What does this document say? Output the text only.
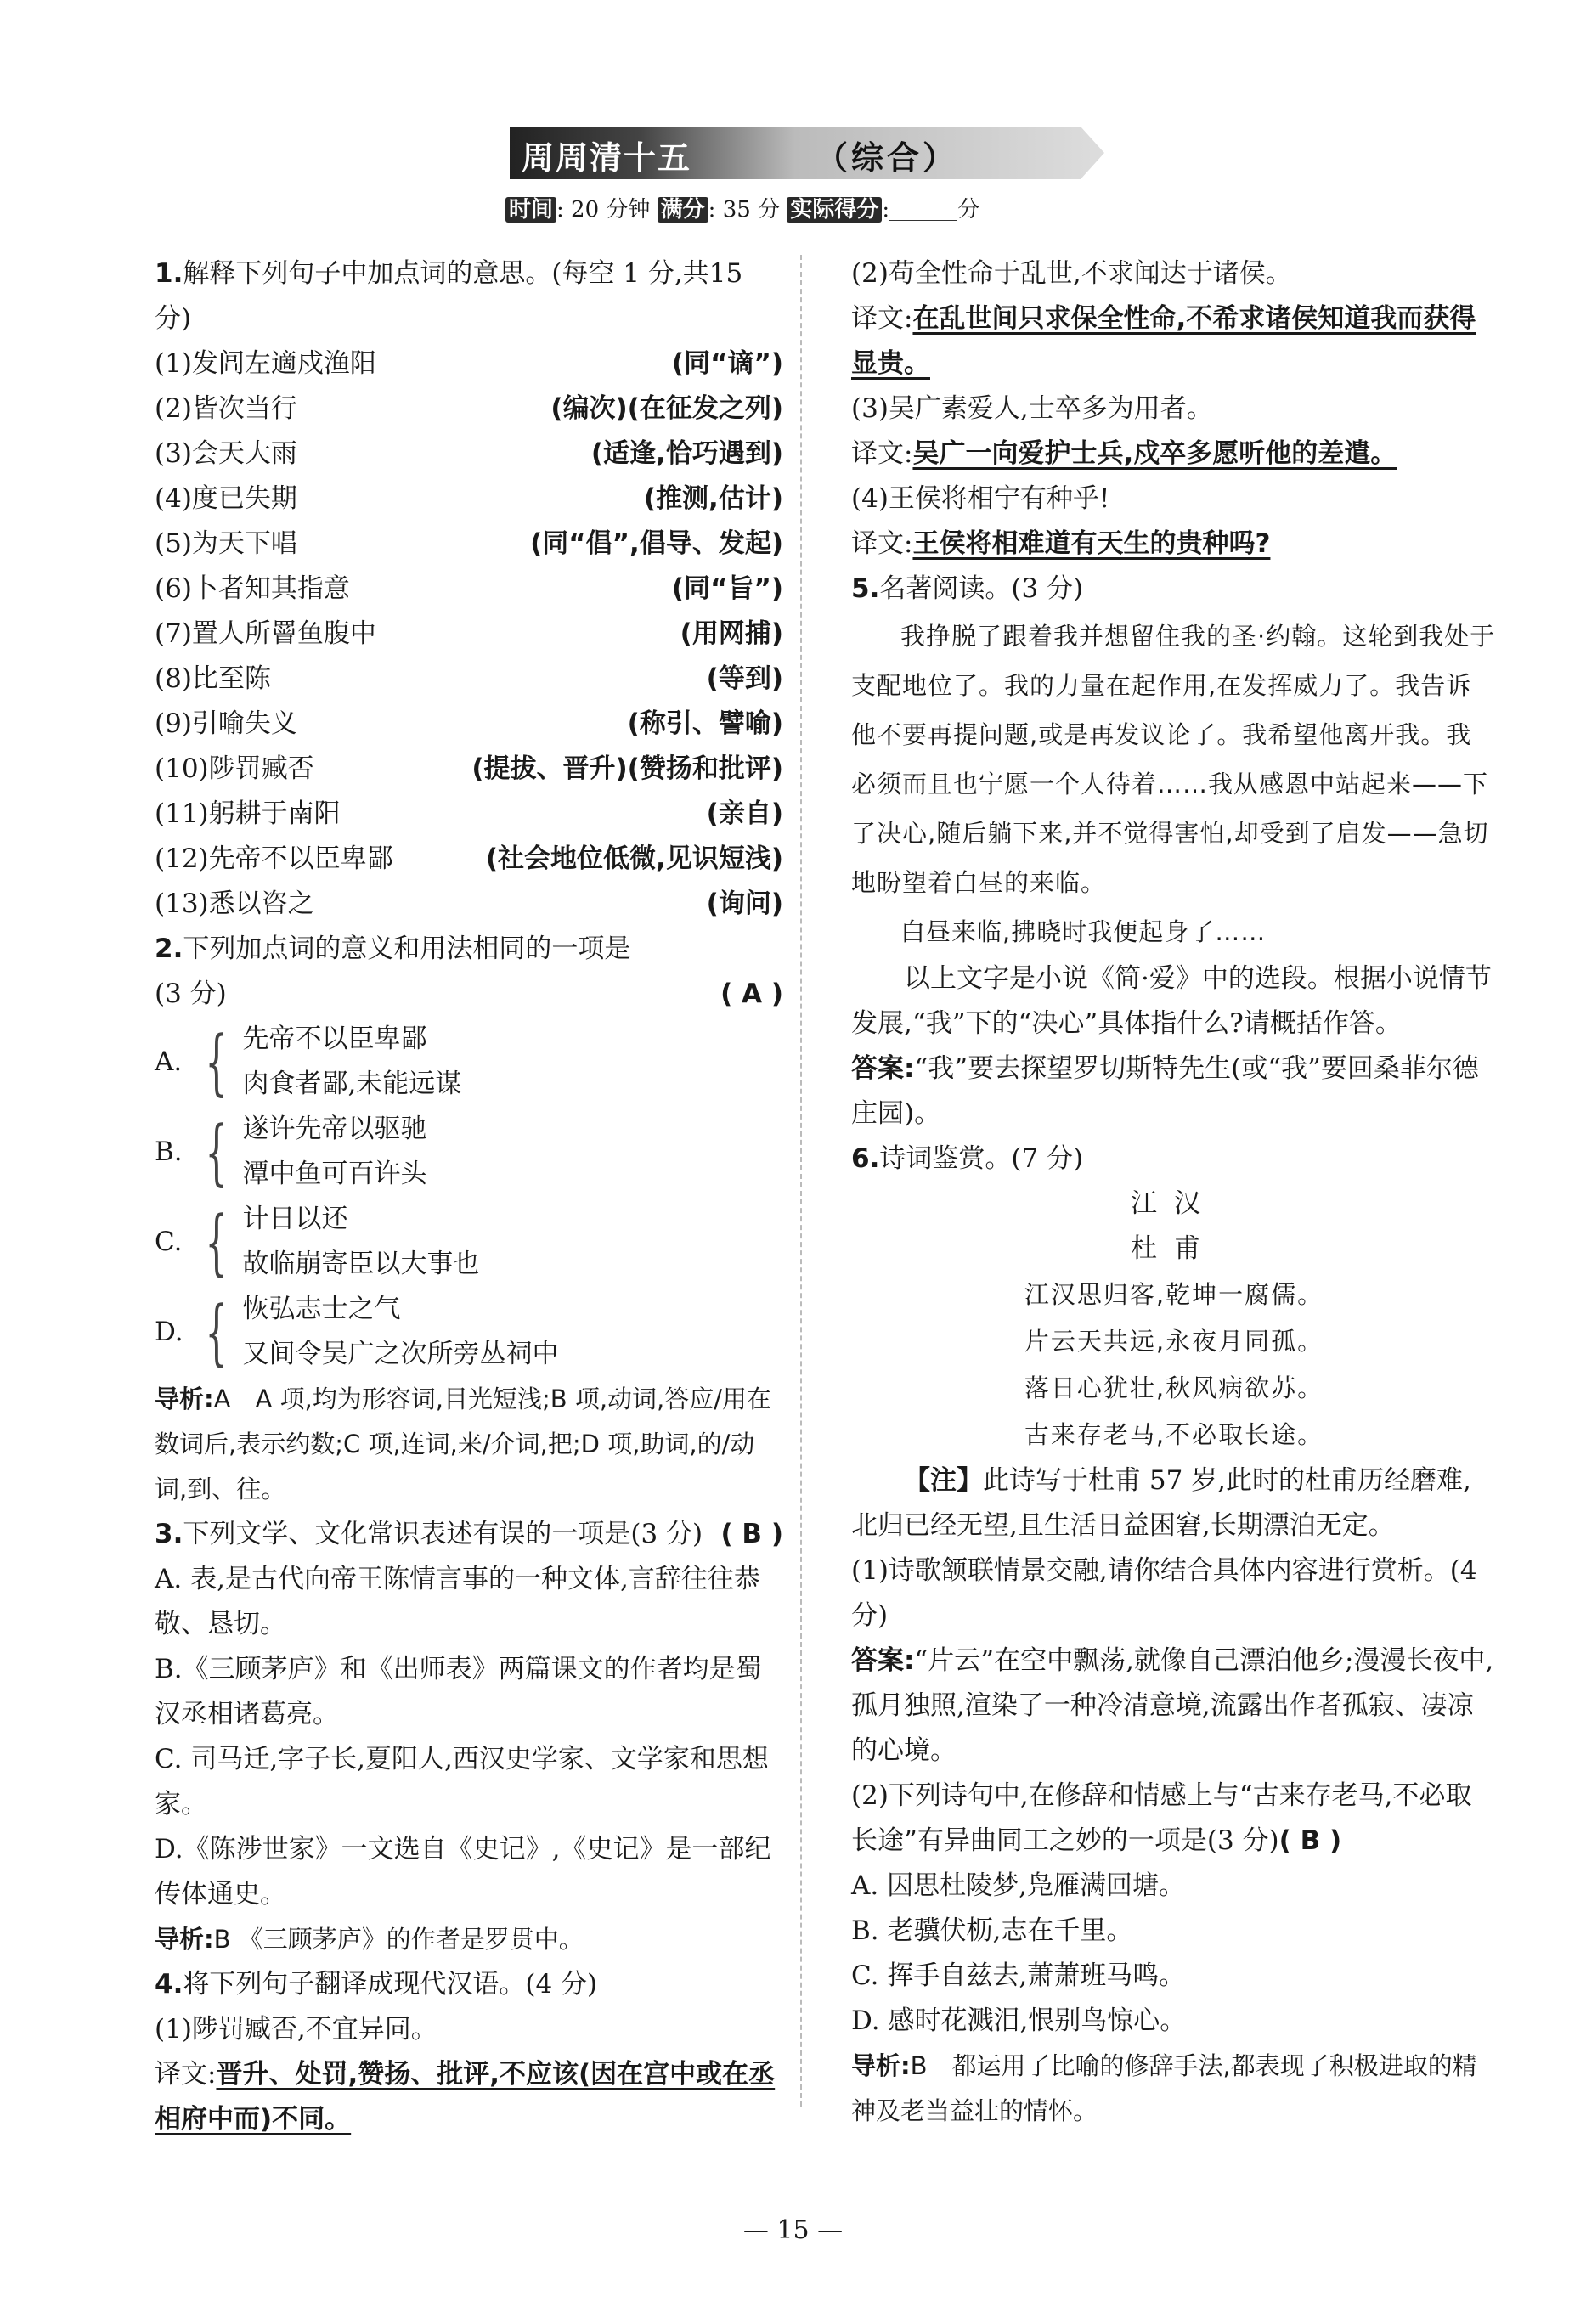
周周清十五	（综合）
时间 : 20 分钟 满分 : 35 分 实际得分 :	分

1.解释下列句子中加点词的意思。(每空 1 分,共15 分)

(1)发闾左適戍渔阳	(同“谪”)
(2)皆次当行	(编次)(在征发之列)
(3)会天大雨	(适逢,恰巧遇到)
(4)度已失期	(推测,估计)
(5)为天下唱	(同“倡”,倡导、发起)
(6)卜者知其指意	(同“旨”)
(7)置人所罾鱼腹中	(用网捕)
(8)比至陈	(等到)
(9)引喻失义	(称引、譬喻)
(10)陟罚臧否	(提拔、晋升)(赞扬和批评)
(11)躬耕于南阳	(亲自)
(12)先帝不以臣卑鄙	(社会地位低微,见识短浅)
(13)悉以咨之	(询问)

2.下列加点词的意义和用法相同的一项是

(3 分)	( A )

A. { 先帝不以臣卑鄙
肉食者鄙,未能远谋
B. { 遂许先帝以驱驰
潭中鱼可百许头
C. { 计日以还
故临崩寄臣以大事也
D. { 恢弘志士之气
又间令吴广之次所旁丛祠中

导析:A　A 项,均为形容词,目光短浅;B 项,动词,答应/用在数词后,表示约数;C 项,连词,来/介词,把;D 项,助词,的/动词,到、往。

3.下列文学、文化常识表述有误的一项是(3 分) ( B )

A. 表,是古代向帝王陈情言事的一种文体,言辞往往恭敬、恳切。

B.《三顾茅庐》和《出师表》两篇课文的作者均是蜀汉丞相诸葛亮。

C. 司马迁,字子长,夏阳人,西汉史学家、文学家和思想家。

D.《陈涉世家》一文选自《史记》,《史记》是一部纪传体通史。

导析:B 《三顾茅庐》的作者是罗贯中。

4.将下列句子翻译成现代汉语。(4 分)

(1)陟罚臧否,不宜异同。

译文:晋升、处罚,赞扬、批评,不应该(因在宫中或在丞相府中而)不同。

(2)苟全性命于乱世,不求闻达于诸侯。

译文:在乱世间只求保全性命,不希求诸侯知道我而获得显贵。

(3)吴广素爱人,士卒多为用者。

译文:吴广一向爱护士兵,戍卒多愿听他的差遣。

(4)王侯将相宁有种乎!

译文:王侯将相难道有天生的贵种吗?

5.名著阅读。(3 分)

我挣脱了跟着我并想留住我的圣·约翰。这轮到我处于支配地位了。我的力量在起作用,在发挥威力了。我告诉他不要再提问题,或是再发议论了。我希望他离开我。我必须而且也宁愿一个人待着……我从感恩中站起来——下了决心,随后躺下来,并不觉得害怕,却受到了启发——急切地盼望着白昼的来临。

白昼来临,拂晓时我便起身了……

以上文字是小说《简·爱》中的选段。根据小说情节发展,“我”下的“决心”具体指什么?请概括作答。

答案:“我”要去探望罗切斯特先生(或“我”要回桑菲尔德庄园)。

6.诗词鉴赏。(7 分)

江汉
杜甫
江汉思归客,乾坤一腐儒。
片云天共远,永夜月同孤。
落日心犹壮,秋风病欲苏。
古来存老马,不必取长途。

【注】此诗写于杜甫 57 岁,此时的杜甫历经磨难,北归已经无望,且生活日益困窘,长期漂泊无定。

(1)诗歌颔联情景交融,请你结合具体内容进行赏析。(4 分)

答案:“片云”在空中飘荡,就像自己漂泊他乡;漫漫长夜中,孤月独照,渲染了一种冷清意境,流露出作者孤寂、凄凉的心境。

(2)下列诗句中,在修辞和情感上与“古来存老马,不必取长途”有异曲同工之妙的一项是(3 分)( B )

A. 因思杜陵梦,凫雁满回塘。

B. 老骥伏枥,志在千里。

C. 挥手自兹去,萧萧班马鸣。

D. 感时花溅泪,恨别鸟惊心。

导析:B　都运用了比喻的修辞手法,都表现了积极进取的精神及老当益壮的情怀。

— 15 —
